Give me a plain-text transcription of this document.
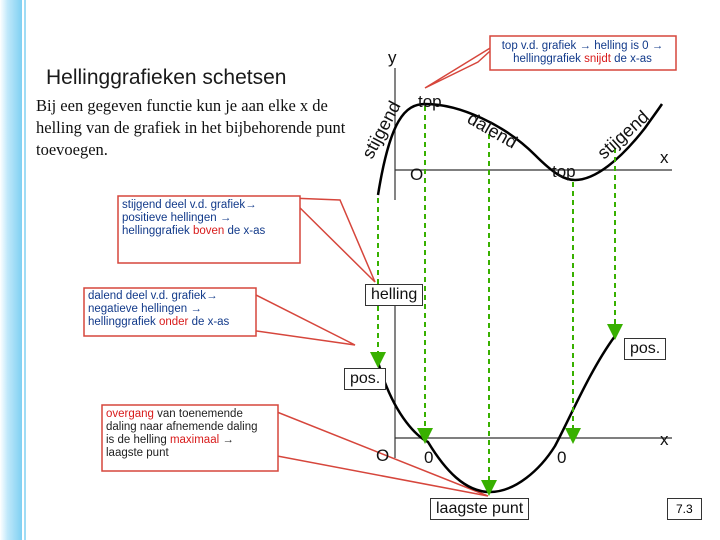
stijgend	dalend	stijgend
Hellinggrafieken schetsen
Bij een gegeven functie kun je aan elke x de helling van de grafiek in het bijbehorende punt toevoegen.
stijgend deel v.d. grafiek→
positieve hellingen →
hellinggrafiek boven de x-as
dalend deel v.d. grafiek→
negatieve hellingen →
hellinggrafiek onder de x-as
overgang van toenemende
daling naar afnemende daling
is de helling maximaal →
laagste punt
top v.d. grafiek → helling is 0 →
hellinggrafiek snijdt de x-as
y
x
O
top
top
helling
x
O 0	0
pos.
pos.
laagste punt	7.3
